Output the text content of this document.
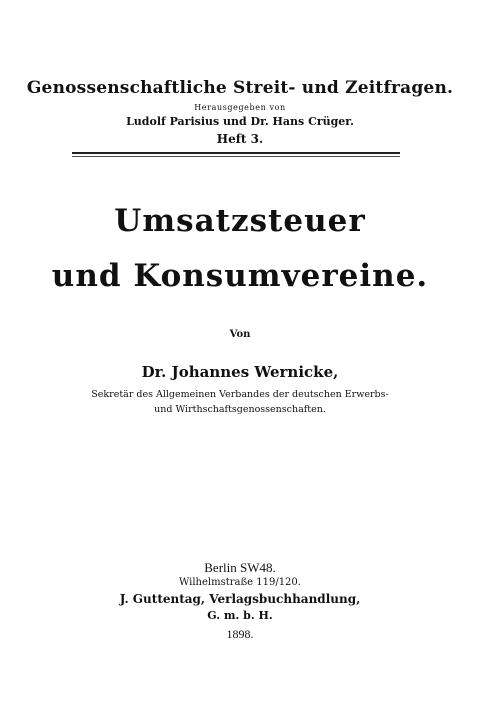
Genossenschaftliche Streit- und Zeitfragen.
Herausgegeben von
Ludolf Parisius und Dr. Hans Crüger.
Heft 3.
Umsatzsteuer
und Konsumvereine.
Von
Dr. Johannes Wernicke,
Sekretär des Allgemeinen Verbandes der deutschen Erwerbs-
und Wirthschaftsgenossenschaften.
Berlin SW48.
Wilhelmstraße 119/120.
J. Guttentag, Verlagsbuchhandlung,
G. m. b. H.
1898.
